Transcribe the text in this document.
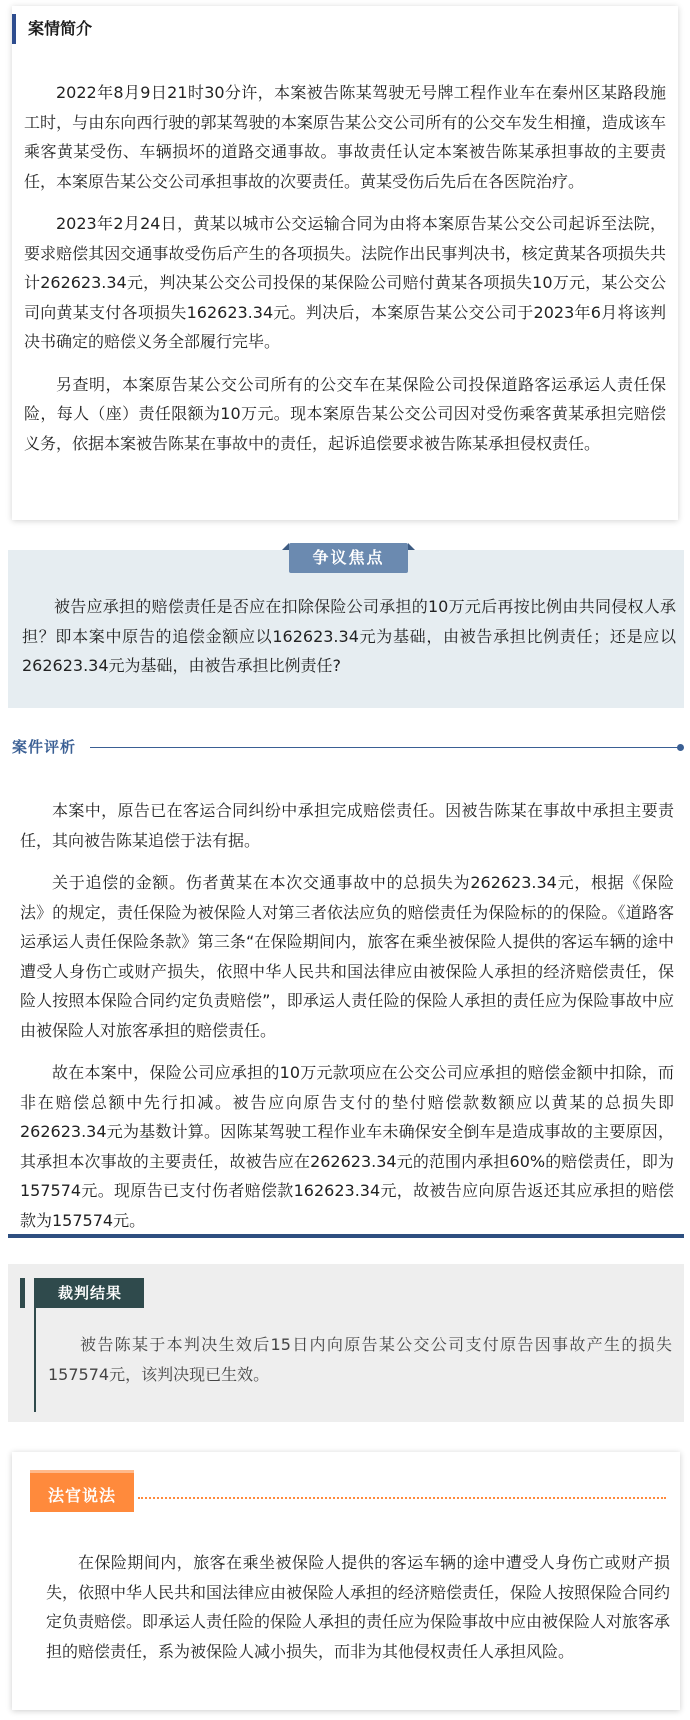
案情简介

2022年8月9日21时30分许，本案被告陈某驾驶无号牌工程作业车在秦州区某路段施工时，与由东向西行驶的郭某驾驶的本案原告某公交公司所有的公交车发生相撞，造成该车乘客黄某受伤、车辆损坏的道路交通事故。事故责任认定本案被告陈某承担事故的主要责任，本案原告某公交公司承担事故的次要责任。黄某受伤后先后在各医院治疗。

2023年2月24日，黄某以城市公交运输合同为由将本案原告某公交公司起诉至法院，要求赔偿其因交通事故受伤后产生的各项损失。法院作出民事判决书，核定黄某各项损失共计262623.34元，判决某公交公司投保的某保险公司赔付黄某各项损失10万元，某公交公司向黄某支付各项损失162623.34元。判决后，本案原告某公交公司于2023年6月将该判决书确定的赔偿义务全部履行完毕。

另查明，本案原告某公交公司所有的公交车在某保险公司投保道路客运承运人责任保险，每人（座）责任限额为10万元。现本案原告某公交公司因对受伤乘客黄某承担完赔偿义务，依据本案被告陈某在事故中的责任，起诉追偿要求被告陈某承担侵权责任。

争议焦点

被告应承担的赔偿责任是否应在扣除保险公司承担的10万元后再按比例由共同侵权人承担？即本案中原告的追偿金额应以162623.34元为基础，由被告承担比例责任；还是应以262623.34元为基础，由被告承担比例责任?

案件评析

本案中，原告已在客运合同纠纷中承担完成赔偿责任。因被告陈某在事故中承担主要责任，其向被告陈某追偿于法有据。

关于追偿的金额。伤者黄某在本次交通事故中的总损失为262623.34元，根据《保险法》的规定，责任保险为被保险人对第三者依法应负的赔偿责任为保险标的的保险。《道路客运承运人责任保险条款》第三条“在保险期间内，旅客在乘坐被保险人提供的客运车辆的途中遭受人身伤亡或财产损失，依照中华人民共和国法律应由被保险人承担的经济赔偿责任，保险人按照本保险合同约定负责赔偿”，即承运人责任险的保险人承担的责任应为保险事故中应由被保险人对旅客承担的赔偿责任。

故在本案中，保险公司应承担的10万元款项应在公交公司应承担的赔偿金额中扣除，而非在赔偿总额中先行扣减。被告应向原告支付的垫付赔偿款数额应以黄某的总损失即262623.34元为基数计算。因陈某驾驶工程作业车未确保安全倒车是造成事故的主要原因，其承担本次事故的主要责任，故被告应在262623.34元的范围内承担60%的赔偿责任，即为157574元。现原告已支付伤者赔偿款162623.34元，故被告应向原告返还其应承担的赔偿款为157574元。

裁判结果

被告陈某于本判决生效后15日内向原告某公交公司支付原告因事故产生的损失157574元，该判决现已生效。

法官说法

在保险期间内，旅客在乘坐被保险人提供的客运车辆的途中遭受人身伤亡或财产损失，依照中华人民共和国法律应由被保险人承担的经济赔偿责任，保险人按照保险合同约定负责赔偿。即承运人责任险的保险人承担的责任应为保险事故中应由被保险人对旅客承担的赔偿责任，系为被保险人减小损失，而非为其他侵权责任人承担风险。
